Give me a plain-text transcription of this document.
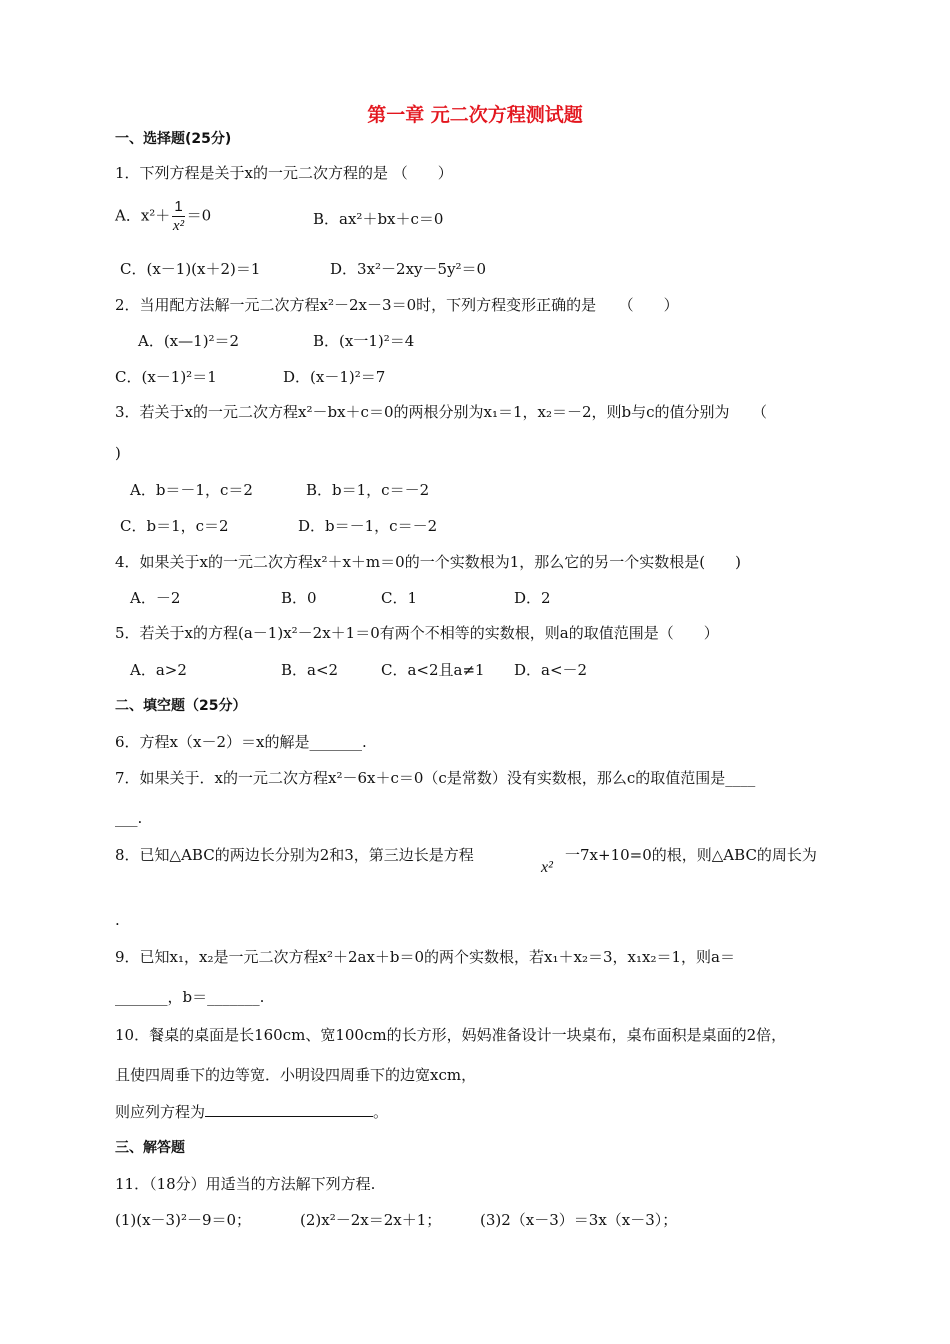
第一章 元二次方程测试题
一、选择题(25分)
1．下列方程是关于x的一元二次方程的是 （　　）
A．$x^2+ \frac{1}{\text{x²}} =0$	B．ax²＋bx＋c＝0
C．(x－1)(x＋2)＝1	D．3x²－2xy－5y²＝0
2．当用配方法解一元二次方程x²－2x－3＝0时，下列方程变形正确的是　　（　　）
A．(x—1)²＝2	B．(x一1)²＝4
C．(x－1)²＝1	D．(x－1)²＝7
3．若关于x的一元二次方程x²－bx＋c＝0的两根分别为x₁＝1，x₂＝－2，则b与c的值分别为　　（
)
A．b＝－1，c＝2	B．b＝1，c＝－2
C．b＝1，c＝2	D．b＝－1，c＝－2
4．如果关于x的一元二次方程x²＋x＋m＝0的一个实数根为1，那么它的另一个实数根是(　　)
A．－2	B．0	C．1	D．2
5．若关于x的方程(a－1)x²－2x＋1＝0有两个不相等的实数根，则a的取值范围是（　　）
A．a>2	B．a<2	C．a<2且a≠1 D．a<－2
二、填空题（25分）
6．方程x（x－2）＝x的解是_______.
7．如果关于．x的一元二次方程x²－6x＋c＝0（c是常数）没有实数根，那么c的取值范围是____
___.
8．已知△ABC的两边长分别为2和3，第三边长是方程
x²
一7x+10=0的根，则△ABC的周长为
.
9．已知x₁，x₂是一元二次方程x²＋2ax＋b＝0的两个实数根，若x₁＋x₂＝3，x₁x₂＝1，则a＝
_______，b＝_______.
10．餐桌的桌面是长160cm、宽100cm的长方形，妈妈准备设计一块桌布，桌布面积是桌面的2倍，
且使四周垂下的边等宽．小明设四周垂下的边宽xcm，
则应列方程为	。
三、解答题
11．（18分）用适当的方法解下列方程.
(1)(x－3)²－9＝0；	(2)x²－2x＝2x＋1；	(3)2（x－3）＝3x（x－3）；
